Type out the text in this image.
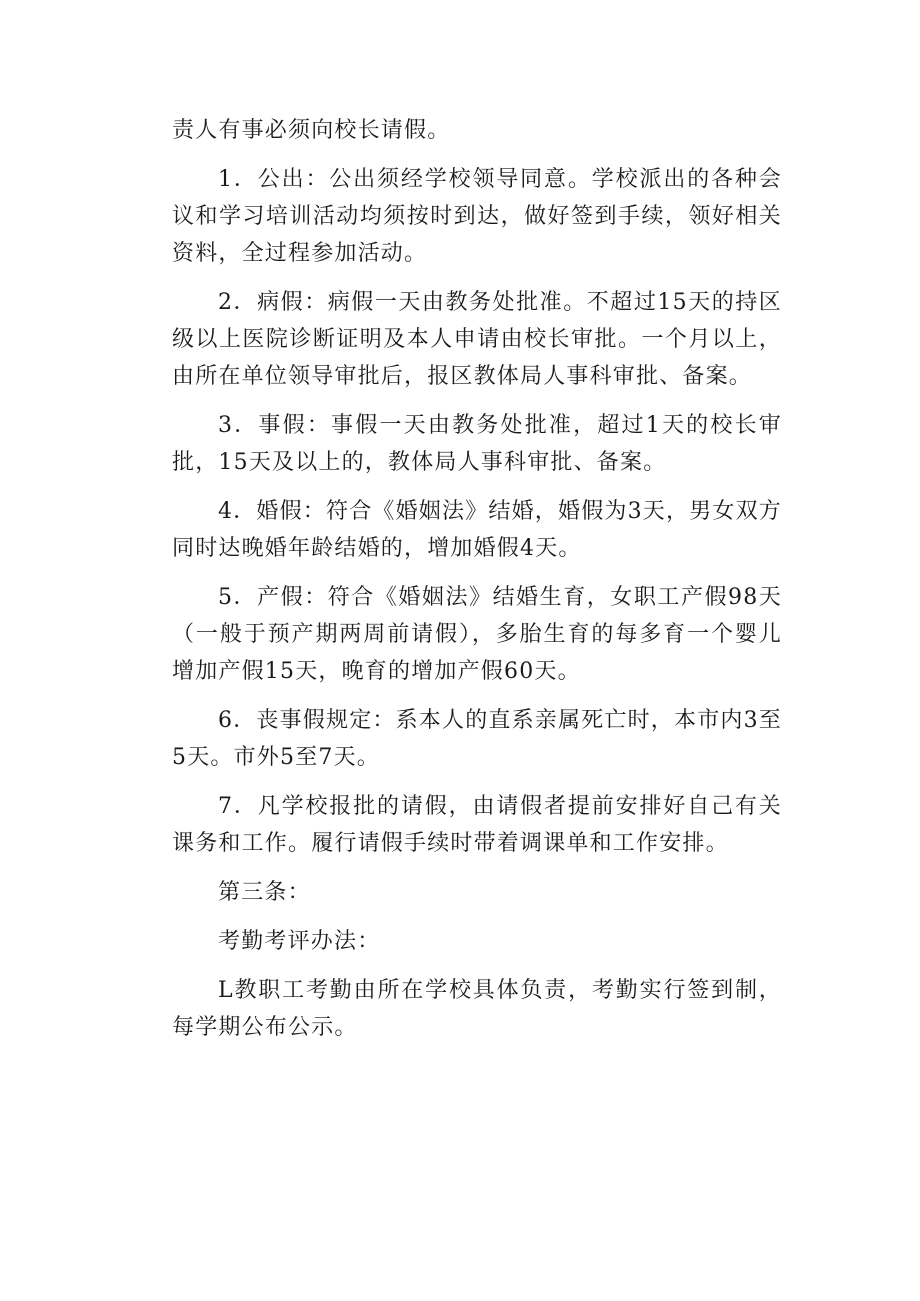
责人有事必须向校长请假。

1．公出：公出须经学校领导同意。学校派出的各种会议和学习培训活动均须按时到达，做好签到手续，领好相关资料，全过程参加活动。

2．病假：病假一天由教务处批准。不超过15天的持区级以上医院诊断证明及本人申请由校长审批。一个月以上，由所在单位领导审批后，报区教体局人事科审批、备案。

3．事假：事假一天由教务处批准，超过1天的校长审批，15天及以上的，教体局人事科审批、备案。

4．婚假：符合《婚姻法》结婚，婚假为3天，男女双方同时达晚婚年龄结婚的，增加婚假4天。

5．产假：符合《婚姻法》结婚生育，女职工产假98天（一般于预产期两周前请假），多胎生育的每多育一个婴儿增加产假15天，晚育的增加产假60天。

6．丧事假规定：系本人的直系亲属死亡时，本市内3至5天。市外5至7天。

7．凡学校报批的请假，由请假者提前安排好自己有关课务和工作。履行请假手续时带着调课单和工作安排。

第三条：

考勤考评办法：

L教职工考勤由所在学校具体负责，考勤实行签到制，每学期公布公示。
